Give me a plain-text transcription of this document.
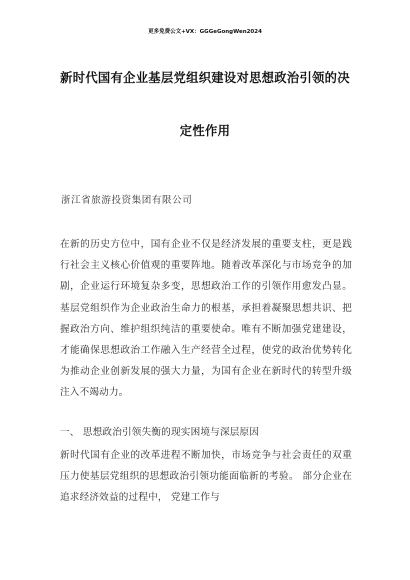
更多免费公文+VX：GGGeGongWen2024
新时代国有企业基层党组织建设对思想政治引领的决
定性作用
浙江省旅游投资集团有限公司

在新的历史方位中，国有企业不仅是经济发展的重要支柱，更是践行社会主义核心价值观的重要阵地。随着改革深化与市场竞争的加剧，企业运行环境复杂多变，思想政治工作的引领作用愈发凸显。基层党组织作为企业政治生命力的根基，承担着凝聚思想共识、把握政治方向、维护组织纯洁的重要使命。唯有不断加强党建建设，才能确保思想政治工作融入生产经营全过程，使党的政治优势转化为推动企业创新发展的强大力量，为国有企业在新时代的转型升级注入不竭动力。

一、 思想政治引领失衡的现实困境与深层原因

新时代国有企业的改革进程不断加快，市场竞争与社会责任的双重压力使基层党组织的思想政治引领功能面临新的考验。 部分企业在追求经济效益的过程中， 党建工作与
